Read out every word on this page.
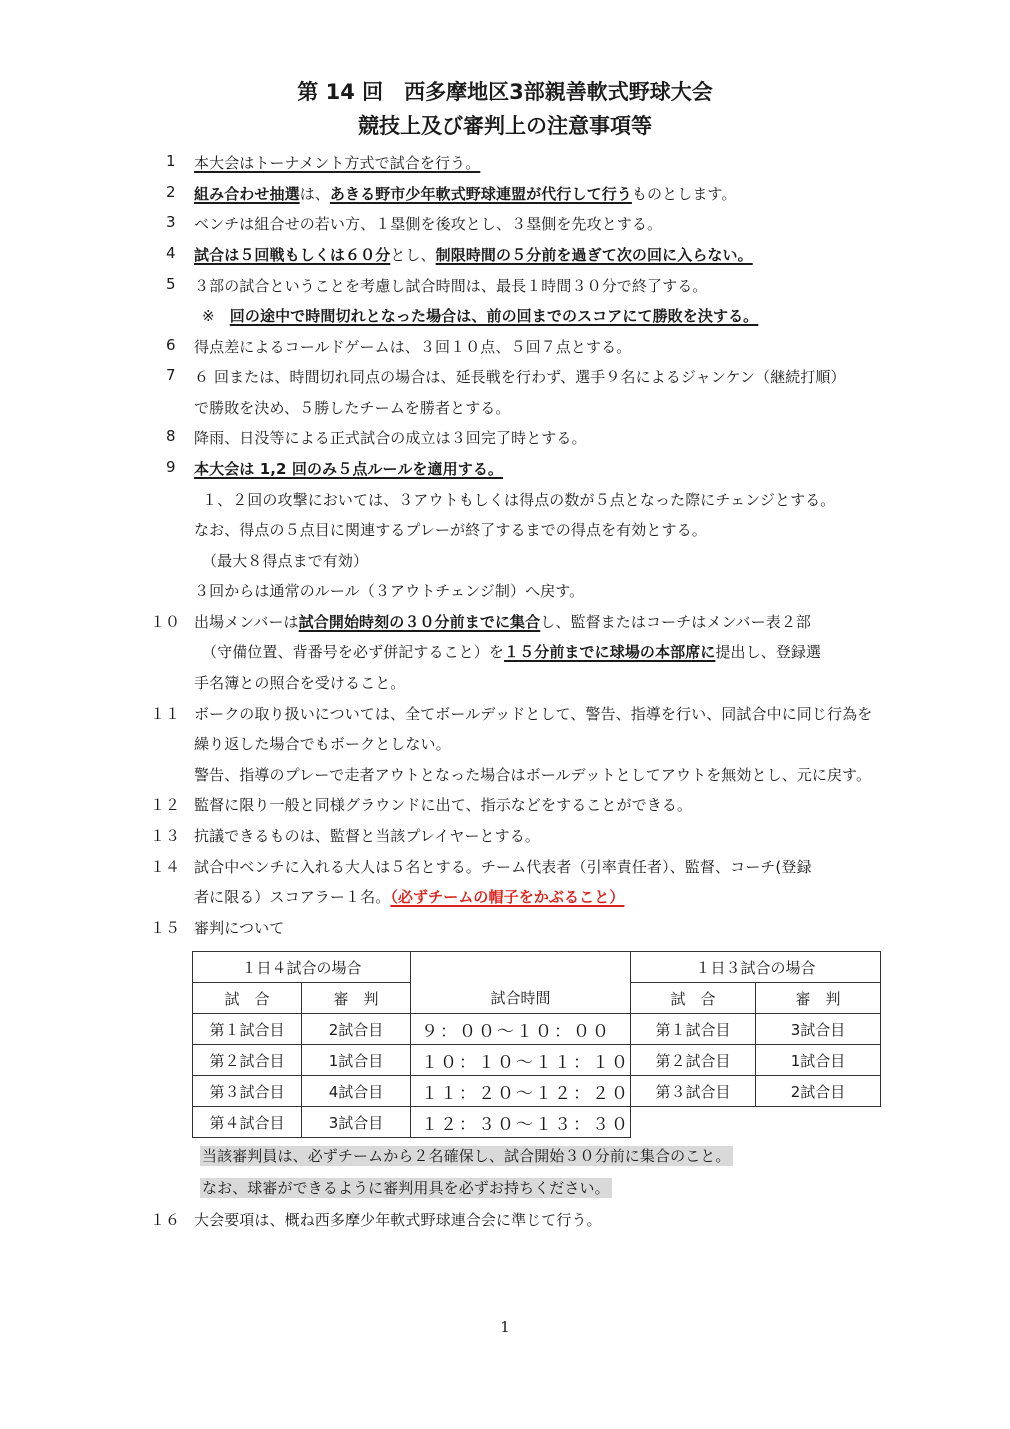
第 14 回　西多摩地区3部親善軟式野球大会
競技上及び審判上の注意事項等
1 本大会はトーナメント方式で試合を行う。
2 組み合わせ抽選は、あきる野市少年軟式野球連盟が代行して行うものとします。
3 ベンチは組合せの若い方、１塁側を後攻とし、３塁側を先攻とする。
4 試合は５回戦もしくは６０分とし、制限時間の５分前を過ぎて次の回に入らない。
5 ３部の試合ということを考慮し試合時間は、最長１時間３０分で終了する。
※　 回の途中で時間切れとなった場合は、前の回までのスコアにて勝敗を決する。
6 得点差によるコールドゲームは、３回１０点、５回７点とする。
7 ６ 回または、時間切れ同点の場合は、延長戦を行わず、選手９名によるジャンケン（継続打順）
で勝敗を決め、５勝したチームを勝者とする。
8 降雨、日没等による正式試合の成立は３回完了時とする。
9 本大会は 1,2 回のみ５点ルールを適用する。
１、２回の攻撃においては、３アウトもしくは得点の数が５点となった際にチェンジとする。
なお、得点の５点目に関連するプレーが終了するまでの得点を有効とする。
（最大８得点まで有効）
３回からは通常のルール（３アウトチェンジ制）へ戻す。
１０ 出場メンバーは試合開始時刻の３０分前までに集合し、監督またはコーチはメンバー表２部
（守備位置、背番号を必ず併記すること）を１５分前までに球場の本部席に提出し、登録選
手名簿との照合を受けること。
１１ ボークの取り扱いについては、全てボールデッドとして、警告、指導を行い、同試合中に同じ行為を
繰り返した場合でもボークとしない。
警告、指導のプレーで走者アウトとなった場合はボールデットとしてアウトを無効とし、元に戻す。
１２ 監督に限り一般と同様グラウンドに出て、指示などをすることができる。
１３ 抗議できるものは、監督と当該プレイヤーとする。
１４ 試合中ベンチに入れる大人は５名とする。チーム代表者（引率責任者）、監督、コーチ(登録
者に限る）スコアラー１名。（必ずチームの帽子をかぶること）
１５ 審判について
１日４試合の場合			１日３試合の場合	
試　合	審　判	試合時間	試　合	審　判
第１試合目	2試合目	９：００～１０：００	第１試合目	3試合目
第２試合目	1試合目	１０：１０～１１：１０	第２試合目	1試合目
第３試合目	4試合目	１１：２０～１２：２０	第３試合目	2試合目
第４試合目	3試合目	１２：３０～１３：３０		
当該審判員は、必ずチームから２名確保し、試合開始３０分前に集合のこと。
なお、球審ができるように審判用具を必ずお持ちください。
１６ 大会要項は、概ね西多摩少年軟式野球連合会に準じて行う。
1
